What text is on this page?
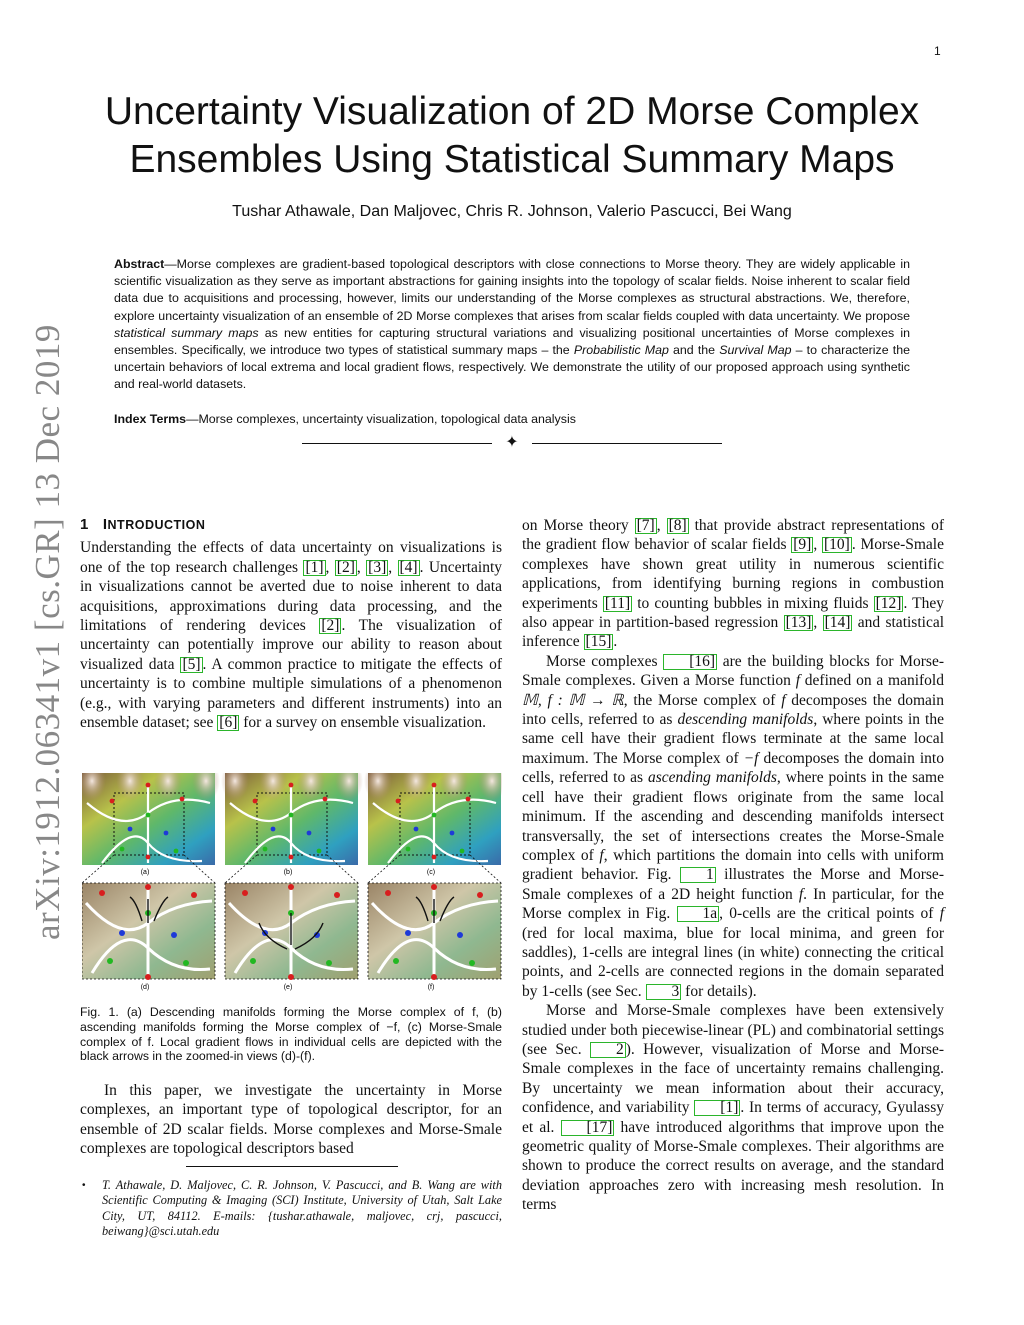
1
Uncertainty Visualization of 2D Morse Complex
Ensembles Using Statistical Summary Maps
Tushar Athawale, Dan Maljovec, Chris R. Johnson, Valerio Pascucci, Bei Wang
Abstract—Morse complexes are gradient-based topological descriptors with close connections to Morse theory. They are widely applicable in scientific visualization as they serve as important abstractions for gaining insights into the topology of scalar fields. Noise inherent to scalar field data due to acquisitions and processing, however, limits our understanding of the Morse complexes as structural abstractions. We, therefore, explore uncertainty visualization of an ensemble of 2D Morse complexes that arises from scalar fields coupled with data uncertainty. We propose statistical summary maps as new entities for capturing structural variations and visualizing positional uncertainties of Morse complexes in ensembles. Specifically, we introduce two types of statistical summary maps – the Probabilistic Map and the Survival Map – to characterize the uncertain behaviors of local extrema and local gradient flows, respectively. We demonstrate the utility of our proposed approach using synthetic and real-world datasets.
Index Terms—Morse complexes, uncertainty visualization, topological data analysis
✦
arXiv:1912.06341v1 [cs.GR] 13 Dec 2019 1 INTRODUCTION

Understanding the effects of data uncertainty on visualizations is one of the top research challenges [1] , [2] , [3] , [4] . Uncertainty in visualizations cannot be averted due to noise inherent to data acquisitions, approximations during data processing, and the limitations of rendering devices [2] . The visualization of uncertainty can potentially improve our ability to reason about visualized data [5] . A common practice to mitigate the effects of uncertainty is to combine multiple simulations of a phenomenon (e.g., with varying parameters and different instruments) into an ensemble dataset; see [6] for a survey on ensemble visualization.

(a)	(b)	(c)
(d)	(e)	(f)
Fig. 1. (a) Descending manifolds forming the Morse complex of f, (b) ascending manifolds forming the Morse complex of −f, (c) Morse-Smale complex of f. Local gradient flows in individual cells are depicted with the black arrows in the zoomed-in views (d)-(f).

In this paper, we investigate the uncertainty in Morse complexes, an important type of topological descriptor, for an ensemble of 2D scalar fields. Morse complexes and Morse-Smale complexes are topological descriptors based

• T. Athawale, D. Maljovec, C. R. Johnson, V. Pascucci, and B. Wang are with Scientific Computing & Imaging (SCI) Institute, University of Utah, Salt Lake City, UT, 84112. E-mails: {tushar.athawale, maljovec, crj, pascucci, beiwang}@sci.utah.edu

on Morse theory [7] , [8] that provide abstract representations of the gradient flow behavior of scalar fields [9] , [10] . Morse-Smale complexes have shown great utility in numerous scientific applications, from identifying burning regions in combustion experiments [11] to counting bubbles in mixing fluids [12] . They also appear in partition-based regression [13] , [14] and statistical inference [15] .

Morse complexes [16] are the building blocks for Morse-Smale complexes. Given a Morse function f defined on a manifold 𝕄, f : 𝕄 → ℝ, the Morse complex of f decomposes the domain into cells, referred to as descending manifolds, where points in the same cell have their gradient flows terminate at the same local maximum. The Morse complex of −f decomposes the domain into cells, referred to as ascending manifolds, where points in the same cell have their gradient flows originate from the same local minimum. If the ascending and descending manifolds intersect transversally, the set of intersections creates the Morse-Smale complex of f, which partitions the domain into cells with uniform gradient behavior. Fig. 1 illustrates the Morse and Morse-Smale complexes of a 2D height function f. In particular, for the Morse complex in Fig. 1a , 0-cells are the critical points of f (red for local maxima, blue for local minima, and green for saddles), 1-cells are integral lines (in white) connecting the critical points, and 2-cells are connected regions in the domain separated by 1-cells (see Sec. 3 for details).

Morse and Morse-Smale complexes have been extensively studied under both piecewise-linear (PL) and combinatorial settings (see Sec. 2 ). However, visualization of Morse and Morse-Smale complexes in the face of uncertainty remains challenging. By uncertainty we mean information about their accuracy, confidence, and variability [1] . In terms of accuracy, Gyulassy et al. [17] have introduced algorithms that improve upon the geometric quality of Morse-Smale complexes. Their algorithms are shown to produce the correct results on average, and the standard deviation approaches zero with increasing mesh resolution. In terms
